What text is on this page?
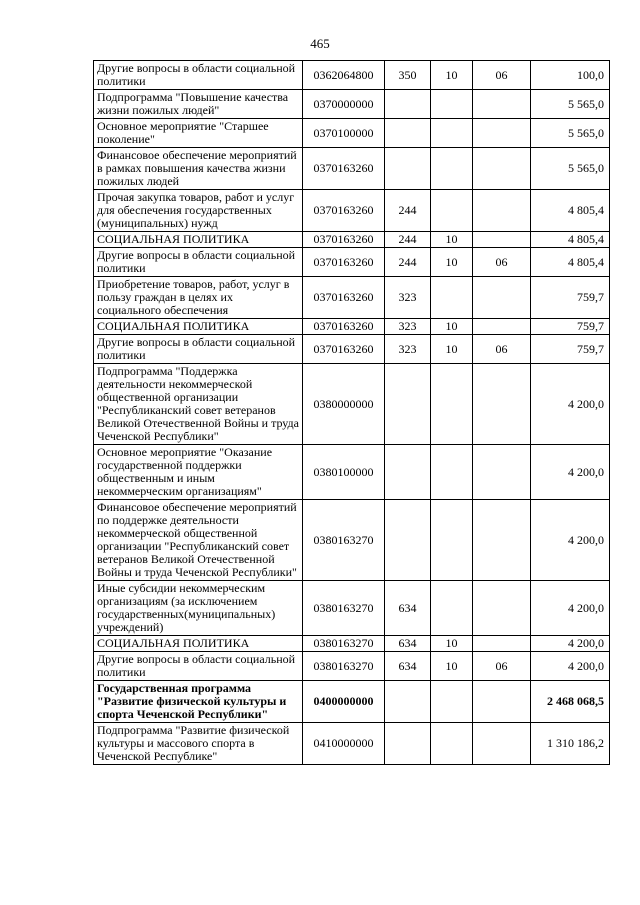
465
Другие вопросы в области социальной политики	0362064800	350	10	06	100,0
Подпрограмма "Повышение качества жизни пожилых людей"	0370000000				5 565,0
Основное мероприятие "Старшее поколение"	0370100000				5 565,0
Финансовое обеспечение мероприятий в рамках повышения качества жизни пожилых людей	0370163260				5 565,0
Прочая закупка товаров, работ и услуг для обеспечения государственных (муниципальных) нужд	0370163260	244			4 805,4
СОЦИАЛЬНАЯ ПОЛИТИКА	0370163260	244	10		4 805,4
Другие вопросы в области социальной политики	0370163260	244	10	06	4 805,4
Приобретение товаров, работ, услуг в пользу граждан в целях их социального обеспечения	0370163260	323			759,7
СОЦИАЛЬНАЯ ПОЛИТИКА	0370163260	323	10		759,7
Другие вопросы в области социальной политики	0370163260	323	10	06	759,7
Подпрограмма "Поддержка деятельности некоммерческой общественной организации "Республиканский совет ветеранов Великой Отечественной Войны и труда Чеченской Республики"	0380000000				4 200,0
Основное мероприятие "Оказание государственной поддержки общественным и иным некоммерческим организациям"	0380100000				4 200,0
Финансовое обеспечение мероприятий по поддержке деятельности некоммерческой общественной организации "Республиканский совет ветеранов Великой Отечественной Войны и труда Чеченской Республики"	0380163270				4 200,0
Иные субсидии некоммерческим организациям (за исключением государственных(муниципальных) учреждений)	0380163270	634			4 200,0
СОЦИАЛЬНАЯ ПОЛИТИКА	0380163270	634	10		4 200,0
Другие вопросы в области социальной политики	0380163270	634	10	06	4 200,0
Государственная программа "Развитие физической культуры и спорта Чеченской Республики"	0400000000				2 468 068,5
Подпрограмма "Развитие физической культуры и массового спорта в Чеченской Республике"	0410000000				1 310 186,2
